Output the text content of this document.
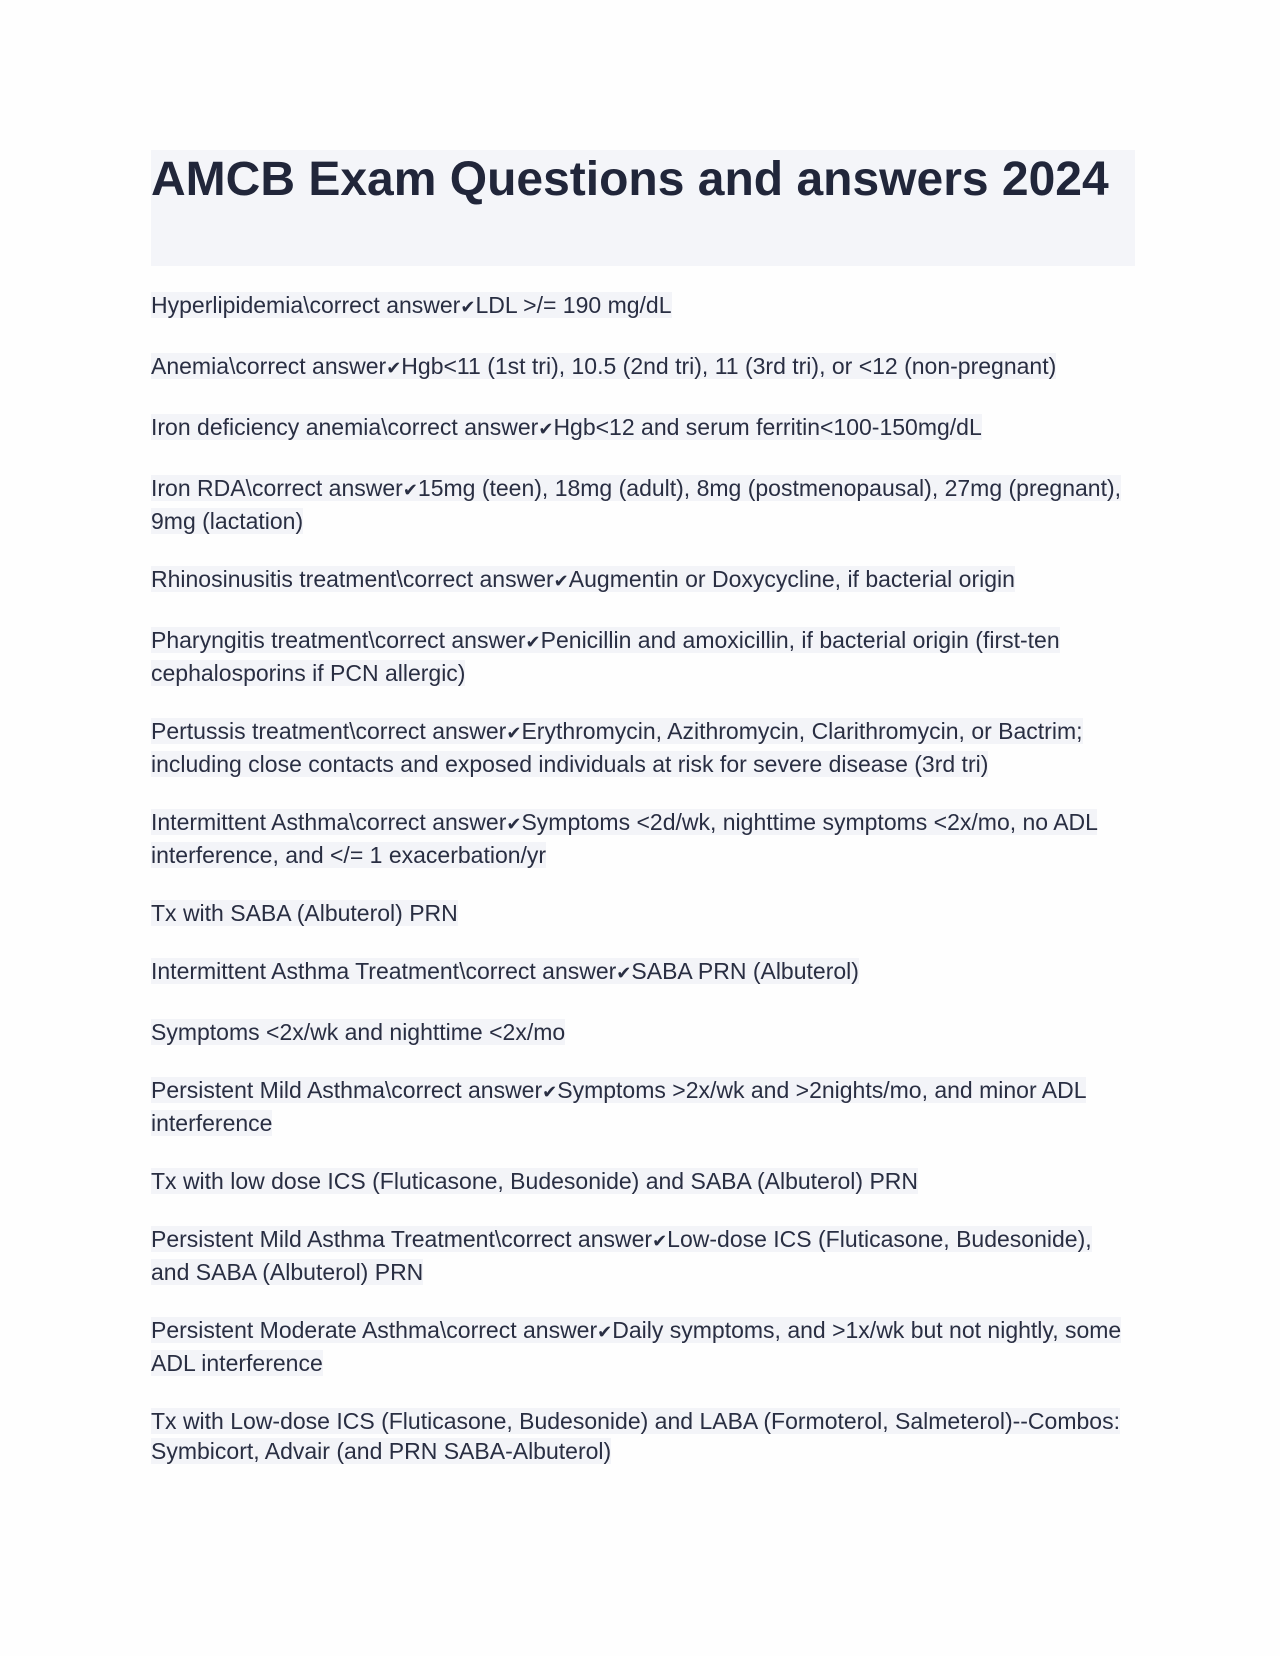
AMCB Exam Questions and answers 2024

Hyperlipidemia\correct answer✔LDL >/= 190 mg/dL

Anemia\correct answer✔Hgb<11 (1st tri), 10.5 (2nd tri), 11 (3rd tri), or <12 (non-pregnant)

Iron deficiency anemia\correct answer✔Hgb<12 and serum ferritin<100-150mg/dL

Iron RDA\correct answer✔15mg (teen), 18mg (adult), 8mg (postmenopausal), 27mg (pregnant), 9mg (lactation)

Rhinosinusitis treatment\correct answer✔Augmentin or Doxycycline, if bacterial origin

Pharyngitis treatment\correct answer✔Penicillin and amoxicillin, if bacterial origin (first-ten cephalosporins if PCN allergic)

Pertussis treatment\correct answer✔Erythromycin, Azithromycin, Clarithromycin, or Bactrim; including close contacts and exposed individuals at risk for severe disease (3rd tri)

Intermittent Asthma\correct answer✔Symptoms <2d/wk, nighttime symptoms <2x/mo, no ADL interference, and </= 1 exacerbation/yr

Tx with SABA (Albuterol) PRN

Intermittent Asthma Treatment\correct answer✔SABA PRN (Albuterol)

Symptoms <2x/wk and nighttime <2x/mo

Persistent Mild Asthma\correct answer✔Symptoms >2x/wk and >2nights/mo, and minor ADL interference

Tx with low dose ICS (Fluticasone, Budesonide) and SABA (Albuterol) PRN

Persistent Mild Asthma Treatment\correct answer✔Low-dose ICS (Fluticasone, Budesonide), and SABA (Albuterol) PRN

Persistent Moderate Asthma\correct answer✔Daily symptoms, and >1x/wk but not nightly, some ADL interference

Tx with Low-dose ICS (Fluticasone, Budesonide) and LABA (Formoterol, Salmeterol)--Combos: Symbicort, Advair (and PRN SABA-Albuterol)
